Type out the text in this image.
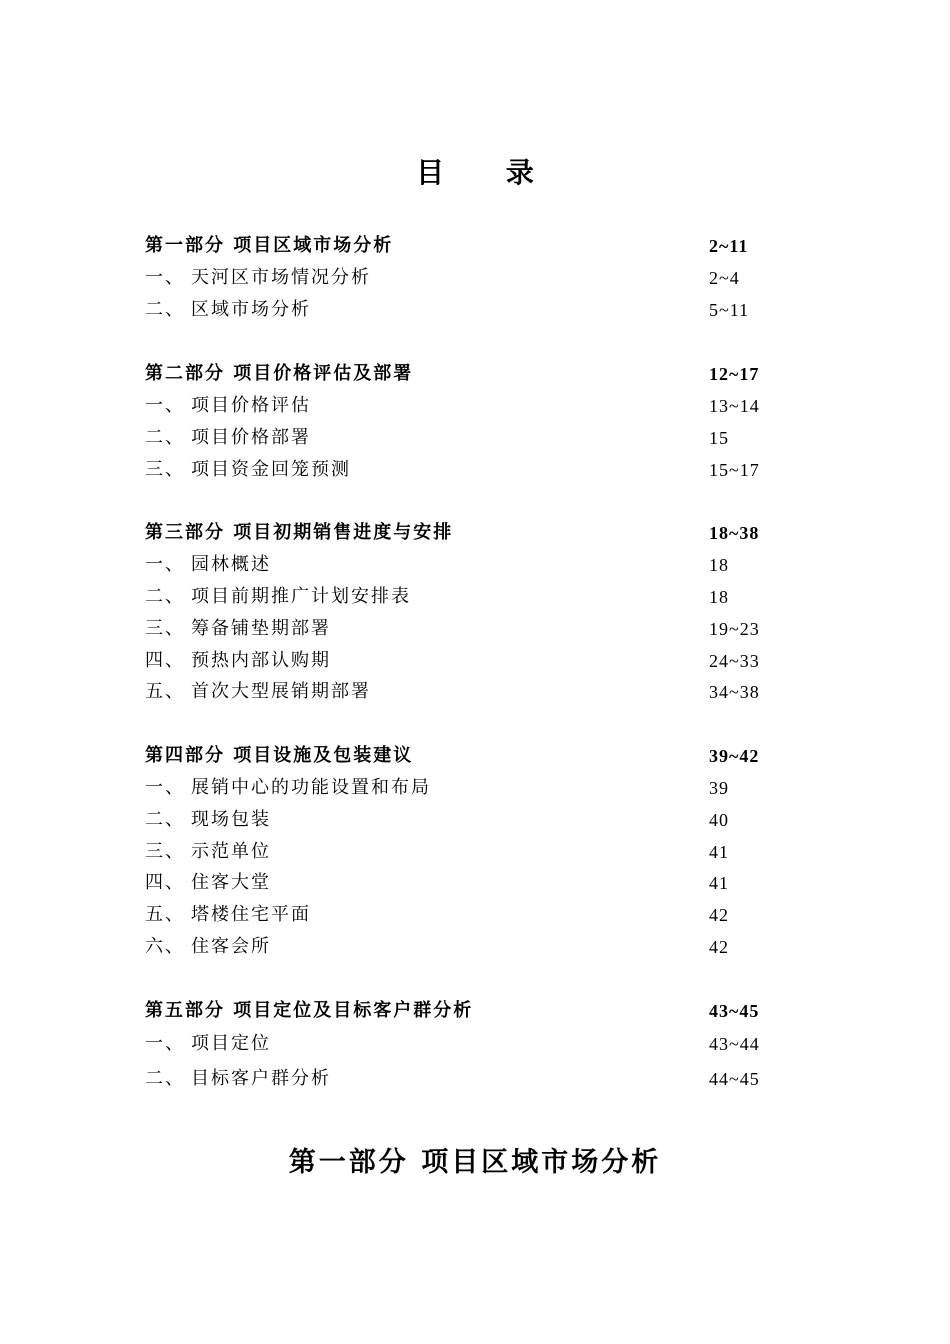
目 录
第一部分 项目区域市场分析	2~11
一、 天河区市场情况分析	2~4
二、 区域市场分析	5~11
第二部分 项目价格评估及部署	12~17
一、 项目价格评估	13~14
二、 项目价格部署	15
三、 项目资金回笼预测	15~17
第三部分 项目初期销售进度与安排	18~38
一、 园林概述	18
二、 项目前期推广计划安排表	18
三、 筹备铺垫期部署	19~23
四、 预热内部认购期	24~33
五、 首次大型展销期部署	34~38
第四部分 项目设施及包装建议	39~42
一、 展销中心的功能设置和布局	39
二、 现场包装	40
三、 示范单位	41
四、 住客大堂	41
五、 塔楼住宅平面	42
六、 住客会所	42
第五部分 项目定位及目标客户群分析	43~45
一、 项目定位	43~44
二、 目标客户群分析	44~45
第一部分 项目区域市场分析
